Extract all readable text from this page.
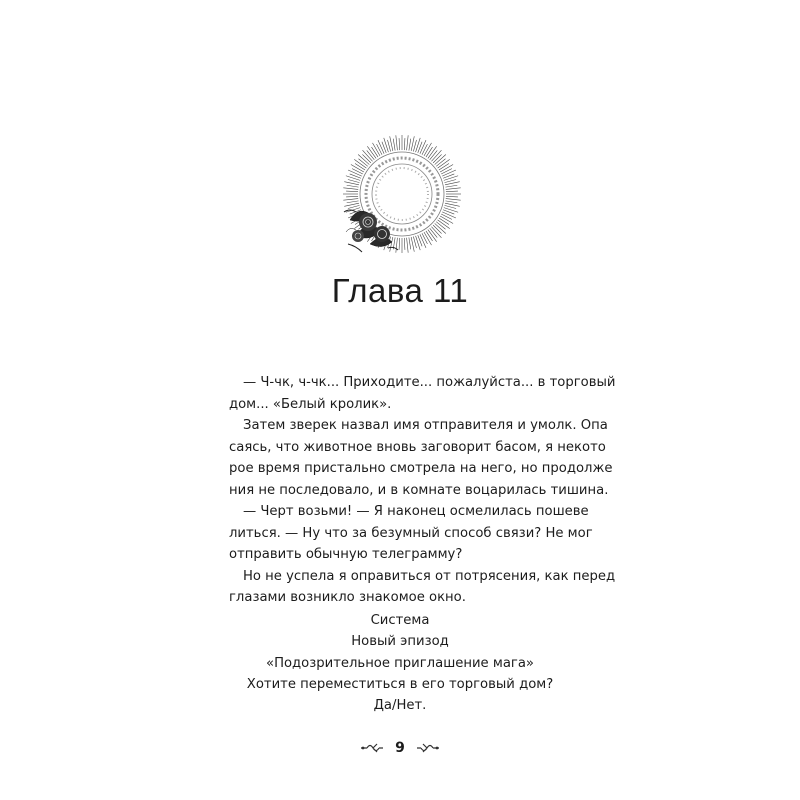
Глава 11

— Ч-чк, ч-чк... Приходите... пожалуйста... в торговый
дом... «Белый кролик».

Затем зверек назвал имя отправителя и умолк. Опа
саясь, что животное вновь заговорит басом, я некото
рое время пристально смотрела на него, но продолже
ния не последовало, и в комнате воцарилась тишина.

— Черт возьми! — Я наконец осмелилась пошеве
литься. — Ну что за безумный способ связи? Не мог
отправить обычную телеграмму?

Но не успела я оправиться от потрясения, как перед
глазами возникло знакомое окно.

Система
Новый эпизод
«Подозрительное приглашение мага»
Хотите переместиться в его торговый дом?
Да/Нет.
9
